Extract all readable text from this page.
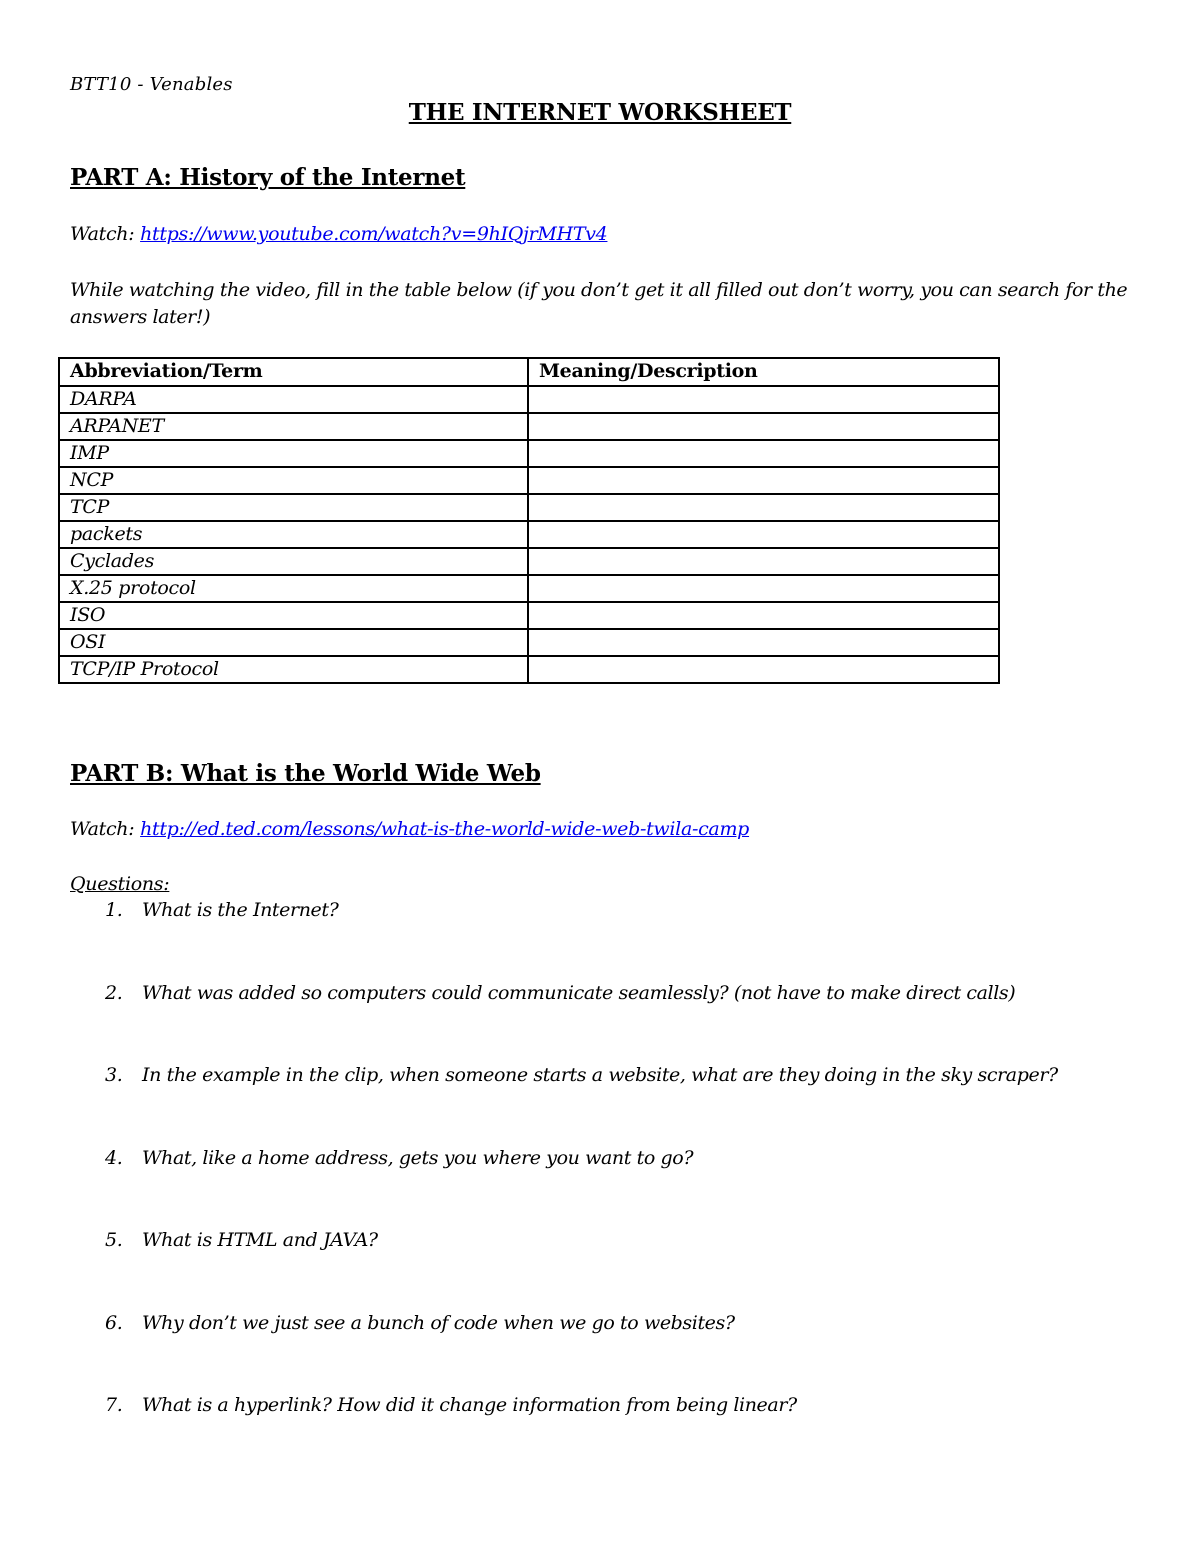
BTT10 - Venables
THE INTERNET WORKSHEET
PART A: History of the Internet
Watch: https://www.youtube.com/watch?v=9hIQjrMHTv4
While watching the video, fill in the table below (if you don’t get it all filled out don’t worry, you can search for the answers later!)
Abbreviation/Term	Meaning/Description
DARPA	
ARPANET	
IMP	
NCP	
TCP	
packets	
Cyclades	
X.25 protocol	
ISO	
OSI	
TCP/IP Protocol	
PART B: What is the World Wide Web
Watch: http://ed.ted.com/lessons/what-is-the-world-wide-web-twila-camp
Questions:
1. What is the Internet?
2. What was added so computers could communicate seamlessly? (not have to make direct calls)
3. In the example in the clip, when someone starts a website, what are they doing in the sky scraper?
4. What, like a home address, gets you where you want to go?
5. What is HTML and JAVA?
6. Why don’t we just see a bunch of code when we go to websites?
7. What is a hyperlink? How did it change information from being linear?
